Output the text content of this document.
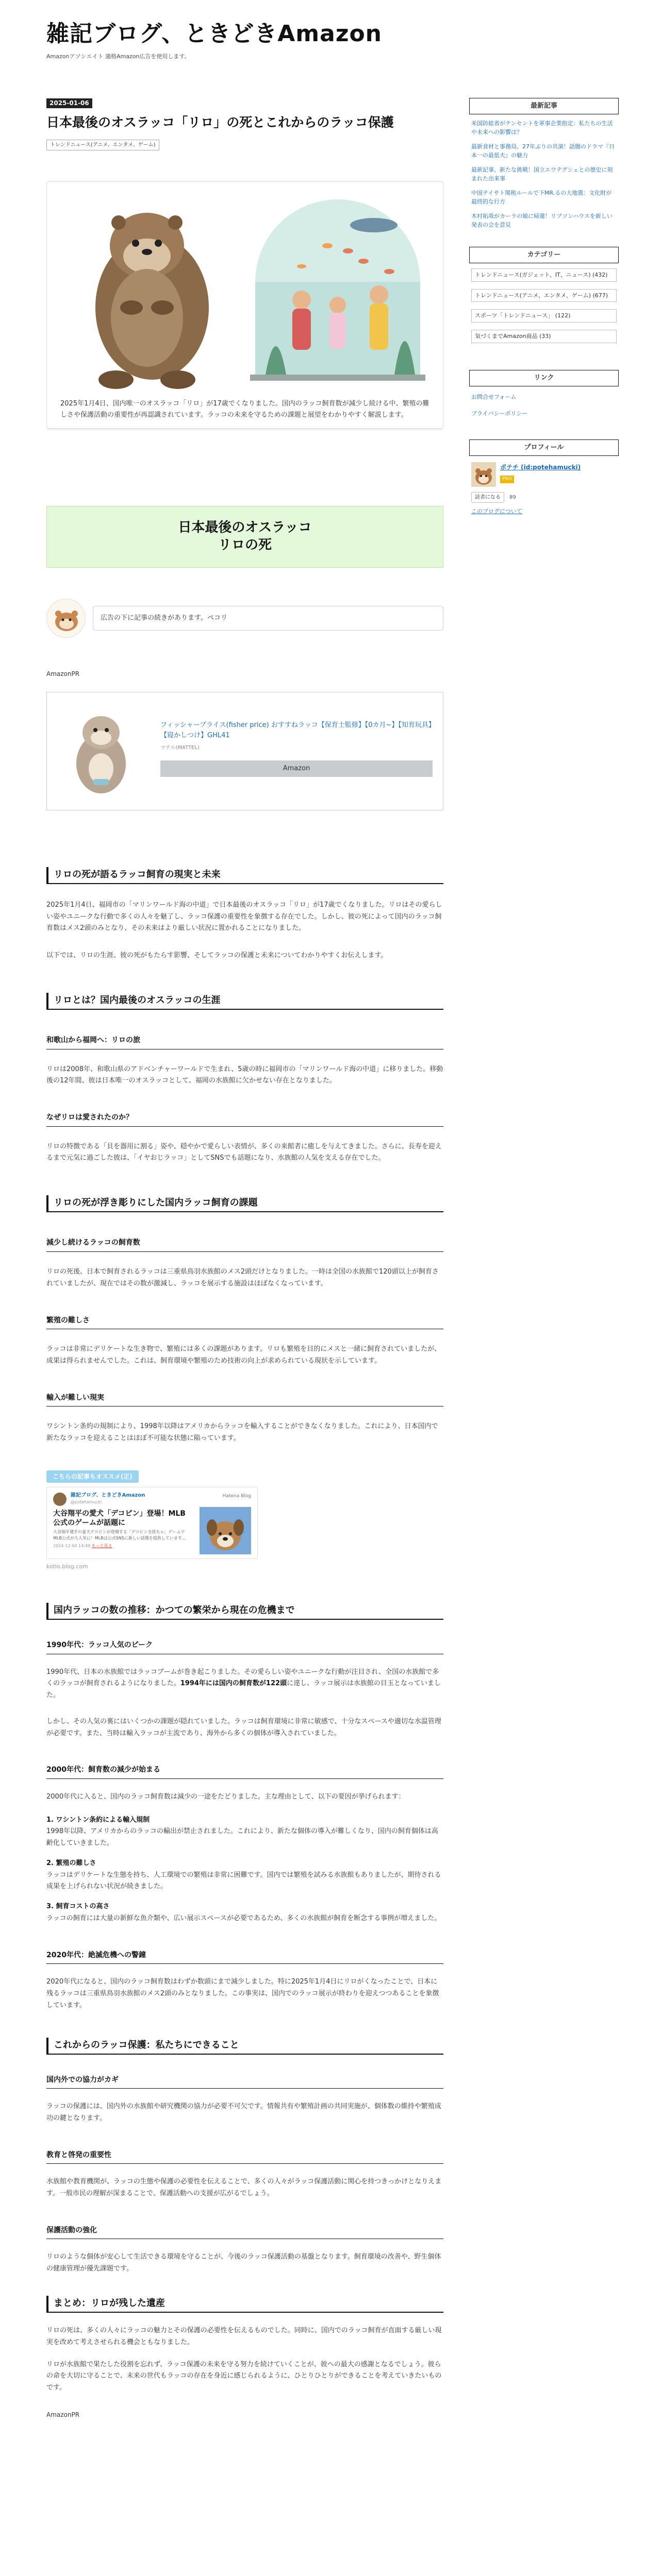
雑記ブログ、ときどきAmazon
Amazonアソシエイト 適格Amazon広告を使用します。
2025-01-06
日本最後のオスラッコ「リロ」の死とこれからのラッコ保護
トレンドニュース(アニメ、エンタメ、ゲーム)

2025年1月4日、国内唯一のオスラッコ「リロ」が17歳でくなりました。国内のラッコ飼育数が減少し続ける中、繁殖の難しさや保護活動の重要性が再認識されています。ラッコの未来を守るための課題と展望をわかりやすく解説します。

日本最後のオスラッコ
リロの死
広告の下に記事の続きがあります。ペコリ
AmazonPR
フィッシャープライス(fisher price) おすすねラッコ【保育士監修】【0カ月~】【知育玩具】【寝かしつけ】GHL41
マテル(MATTEL)
Amazon
リロの死が語るラッコ飼育の現実と未来

2025年1月4日、福岡市の「マリンワールド海の中道」で日本最後のオスラッコ「リロ」が17歳でくなりました。リロはその愛らしい姿やユニークな行動で多くの人々を魅了し、ラッコ保護の重要性を象徴する存在でした。しかし、彼の死によって国内のラッコ飼育数はメス2頭のみとなり、その未来はより厳しい状況に置かれることになりました。

以下では、リロの生涯、彼の死がもたらす影響、そしてラッコの保護と未来についてわかりやすくお伝えします。

リロとは？国内最後のオスラッコの生涯
和歌山から福岡へ：リロの旅

リロは2008年、和歌山県のアドベンチャーワールドで生まれ、5歳の時に福岡市の「マリンワールド海の中道」に移りました。移動後の12年間、彼は日本唯一のオスラッコとして、福岡の水族館に欠かせない存在となりました。

なぜリロは愛されたのか？

リロの特徴である「貝を器用に割る」姿や、穏やかで愛らしい表情が、多くの来館者に癒しを与えてきました。さらに、長寿を迎えるまで元気に過ごした彼は、「イヤおじラッコ」としてSNSでも話題になり、水族館の人気を支える存在でした。

リロの死が浮き彫りにした国内ラッコ飼育の課題
減少し続けるラッコの飼育数

リロの死後、日本で飼育されるラッコは三重県鳥羽水族館のメス2頭だけとなりました。一時は全国の水族館で120頭以上が飼育されていましたが、現在ではその数が激減し、ラッコを展示する施設はほぼなくなっています。

繁殖の難しさ

ラッコは非常にデリケートな生き物で、繁殖には多くの課題があります。リロも繁殖を目的にメスと一緒に飼育されていましたが、成果は得られませんでした。これは、飼育環境や繁殖のため技術の向上が求められている現状を示しています。

輸入が難しい現実

ワシントン条約の規制により、1998年以降はアメリカからラッコを輸入することができなくなりました。これにより、日本国内で新たなラッコを迎えることはほぼ不可能な状態に陥っています。

こちらの記事もオススメ(正)
雑記ブログ、ときどきAmazon
@potehamucki
Hatena Blog
大谷翔平の愛犬「デコピン」登場！MLB公式のゲームが話題に
大谷翔平選手の愛犬デコピンが登場する「デコピン全員ちゃ」ゲームでMLB公式が大人気に！MLBは公式SNSに新しい話題を提供しています…
2024-12-04 14:49 もっと見る
kotio.blog.com
国内ラッコの数の推移：かつての繁栄から現在の危機まで
1990年代：ラッコ人気のピーク

1990年代、日本の水族館ではラッコブームが巻き起こりました。その愛らしい姿やユニークな行動が注目され、全国の水族館で多くのラッコが飼育されるようになりました。1994年には国内の飼育数が122頭に達し、ラッコ展示は水族館の目玉となっていました。

しかし、その人気の裏にはいくつかの課題が隠れていました。ラッコは飼育環境に非常に敏感で、十分なスペースや適切な水温管理が必要です。また、当時は輸入ラッコが主流であり、海外から多くの個体が導入されていました。

2000年代：飼育数の減少が始まる

2000年代に入ると、国内のラッコ飼育数は減少の一途をたどりました。主な理由として、以下の要因が挙げられます：

1. ワシントン条約による輸入規制

1998年以降、アメリカからのラッコの輸出が禁止されました。これにより、新たな個体の導入が難しくなり、国内の飼育個体は高齢化していきました。

2. 繁殖の難しさ

ラッコはデリケートな生態を持ち、人工環境での繁殖は非常に困難です。国内では繁殖を試みる水族館もありましたが、期待される成果を上げられない状況が続きました。

3. 飼育コストの高さ

ラッコの飼育には大量の新鮮な魚介類や、広い展示スペースが必要であるため、多くの水族館が飼育を断念する事例が増えました。

2020年代：絶滅危機への警鐘

2020年代になると、国内のラッコ飼育数はわずか数頭にまで減少しました。特に2025年1月4日にリロがくなったことで、日本に残るラッコは三重県鳥羽水族館のメス2頭のみとなりました。この事実は、国内でのラッコ展示が終わりを迎えつつあることを象徴しています。

これからのラッコ保護：私たちにできること
国内外での協力がカギ

ラッコの保護には、国内外の水族館や研究機関の協力が必要不可欠です。情報共有や繁殖計画の共同実施が、個体数の維持や繁殖成功の鍵となります。

教育と啓発の重要性

水族館や教育機関が、ラッコの生態や保護の必要性を伝えることで、多くの人々がラッコ保護活動に関心を持つきっかけとなりえます。一般市民の理解が深まることで、保護活動への支援が広がるでしょう。

保護活動の強化

リロのような個体が安心して生活できる環境を守ることが、今後のラッコ保護活動の基盤となります。飼育環境の改善や、野生個体の健康管理が優先課題です。

まとめ：リロが残した遺産

リロの死は、多くの人々にラッコの魅力とその保護の必要性を伝えるものでした。同時に、国内でのラッコ飼育が直面する厳しい現実を改めて考えさせられる機会ともなりました。

リロが水族館で果たした役割を忘れず、ラッコ保護の未来を守る努力を続けていくことが、彼への最大の感謝となるでしょう。彼らの命を大切に守ることで、未来の世代もラッコの存在を身近に感じられるように、ひとりひとりができることを考えていきたいものです。

AmazonPR
最新記事
米国防総省がテンセントを軍事企業指定：私たちの生活や未来への影響は？
最新食材と事務局、27年ぶりの共演！話題のドラマ『日本一の最低夫』の魅力
最新記事、新たな挑戦！国立エウテグシェとの歴史に刻まれた出来事
中国テイサト関税ルールで下MR.るの大地震：文化財が最終的な行方
木村拓哉がカーラの娘に帰還！リブソンハウスを新しい発表の会を意見
カテゴリー
トレンドニュース(ガジェット、IT、ニュース) (432)
トレンドニュース(アニメ、エンタメ、ゲーム) (677)
スポーツ「トレンドニュース」 (122)
気づくまでAmazon商品 (33)
リンク
お問合せフォーム
プライバシーポリシー
プロフィール
ポテチ (id:potehamucki)
PRO
読者になる 89
このブログについて
